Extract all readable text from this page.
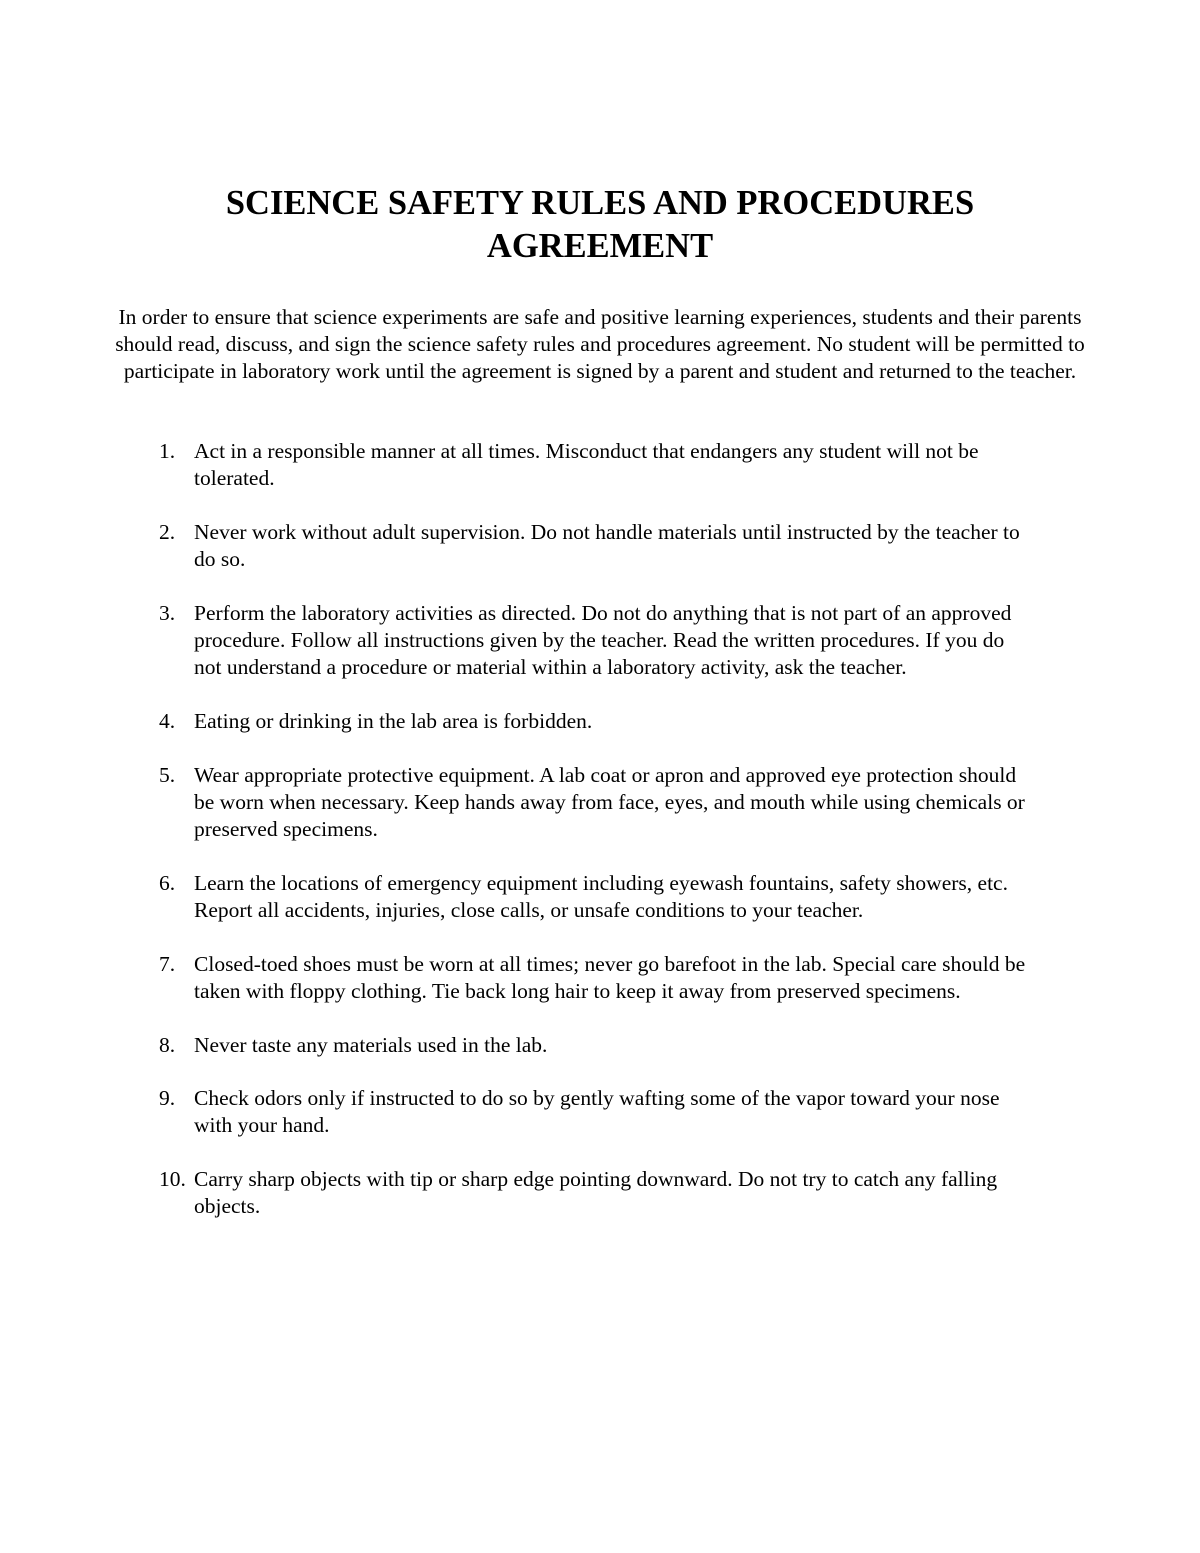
SCIENCE SAFETY RULES AND PROCEDURES
AGREEMENT

In order to ensure that science experiments are safe and positive learning experiences, students and their parents should read, discuss, and sign the science safety rules and procedures agreement. No student will be permitted to participate in laboratory work until the agreement is signed by a parent and student and returned to the teacher.

1. Act in a responsible manner at all times. Misconduct that endangers any student will not be tolerated.
2. Never work without adult supervision. Do not handle materials until instructed by the teacher to do so.
3. Perform the laboratory activities as directed. Do not do anything that is not part of an approved procedure. Follow all instructions given by the teacher. Read the written procedures. If you do not understand a procedure or material within a laboratory activity, ask the teacher.
4. Eating or drinking in the lab area is forbidden.
5. Wear appropriate protective equipment. A lab coat or apron and approved eye protection should be worn when necessary. Keep hands away from face, eyes, and mouth while using chemicals or preserved specimens.
6. Learn the locations of emergency equipment including eyewash fountains, safety showers, etc. Report all accidents, injuries, close calls, or unsafe conditions to your teacher.
7. Closed-toed shoes must be worn at all times; never go barefoot in the lab. Special care should be taken with floppy clothing. Tie back long hair to keep it away from preserved specimens.
8. Never taste any materials used in the lab.
9. Check odors only if instructed to do so by gently wafting some of the vapor toward your nose with your hand.
10. Carry sharp objects with tip or sharp edge pointing downward. Do not try to catch any falling objects.
